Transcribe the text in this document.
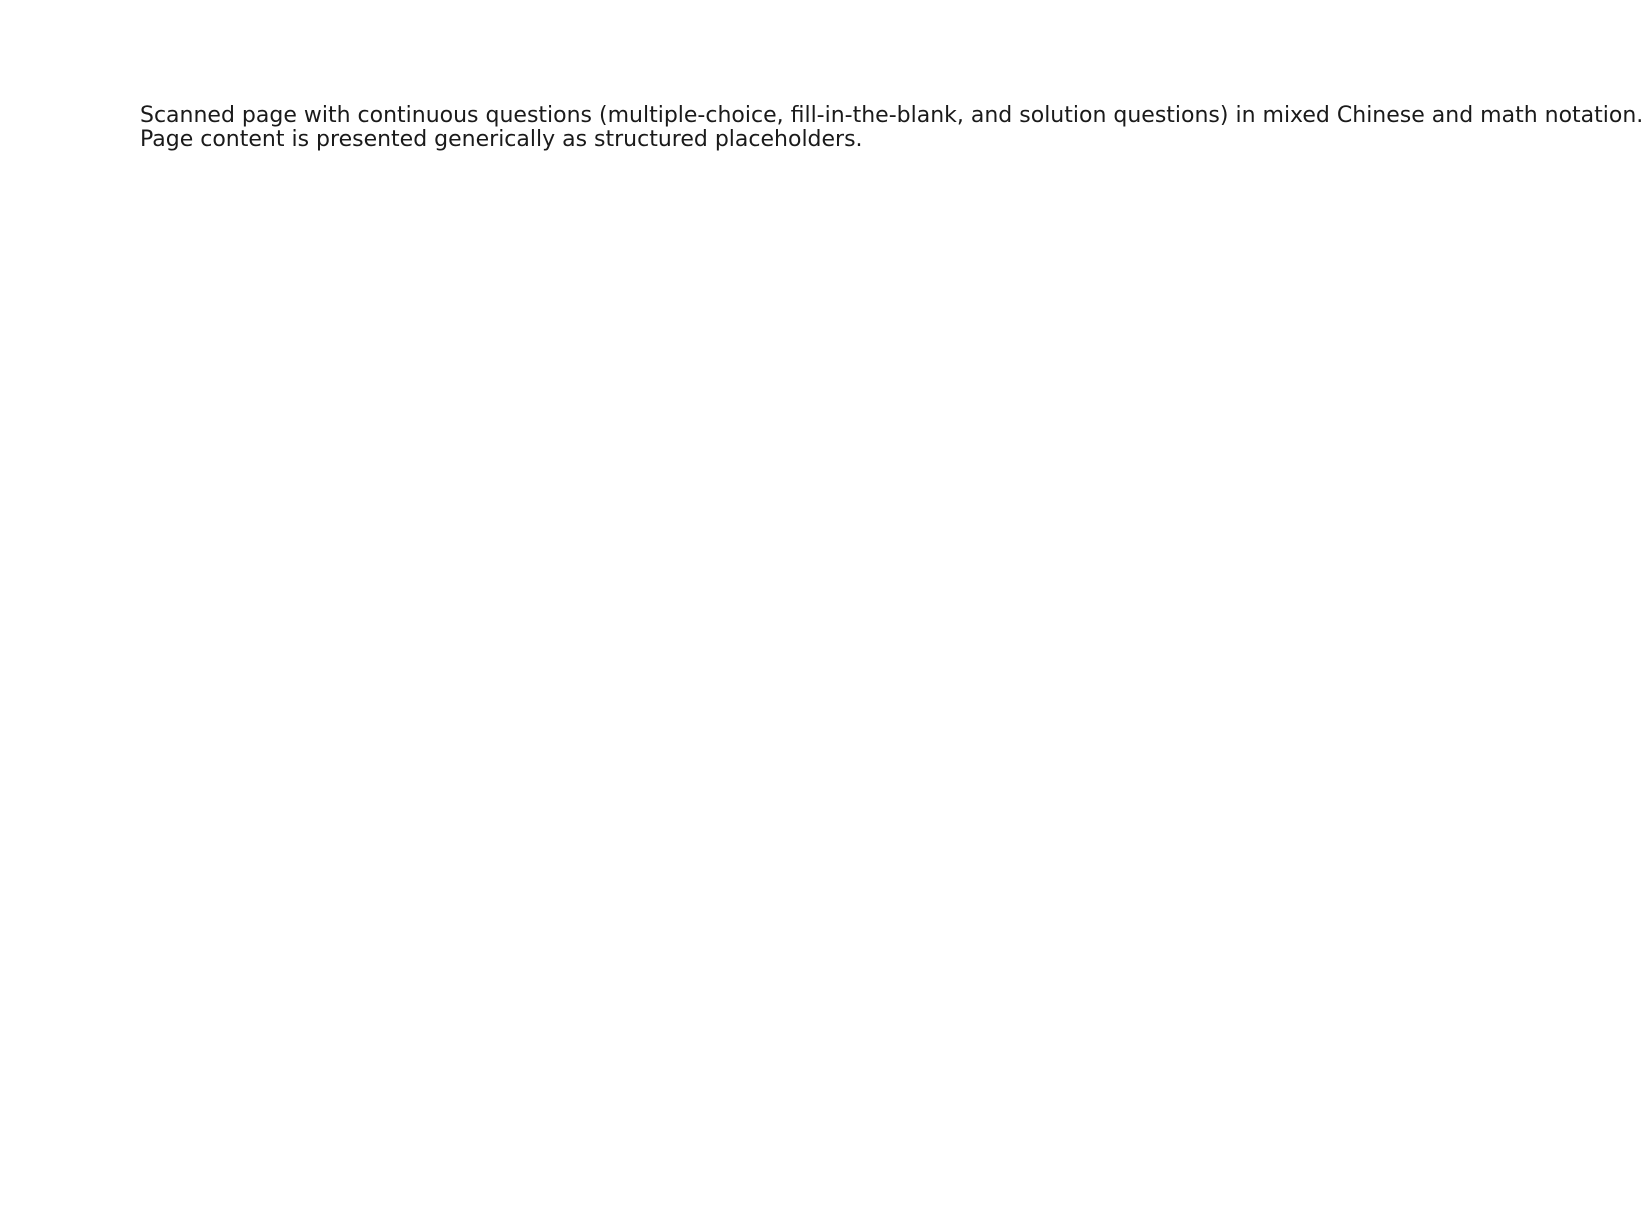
Scanned page with continuous questions (multiple-choice, fill-in-the-blank, and solution questions) in mixed Chinese and math notation.
Page content is presented generically as structured placeholders.
